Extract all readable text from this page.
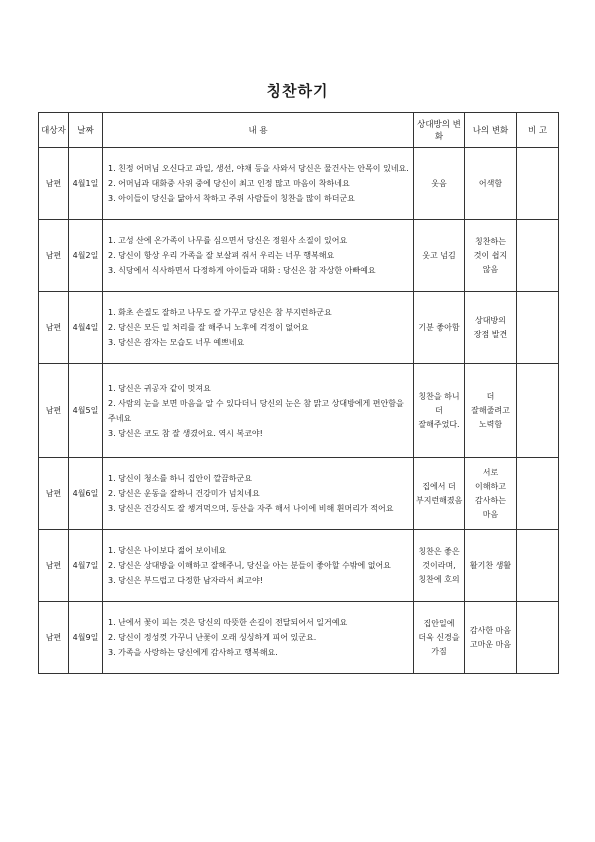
칭찬하기
대상자	날짜	내 용	상대방의 변화	나의 변화	비 고

남편	4월1일	1. 친정 어머님 오신다고 과일, 생선, 야채 등을 사와서 당신은 물건사는 안목이 있네요.
2. 어머님과 대화중 사위 중에 당신이 최고 인정 많고 마음이 착하네요
3. 아이들이 당신을 닮아서 착하고 주위 사람들이 칭찬을 많이 하더군요	웃음	어색함	

남편	4월2일	1. 고성 산에 온가족이 나무를 심으면서 당신은 정원사 소질이 있어요
2. 당신이 항상 우리 가족을 잘 보살펴 줘서 우리는 너무 행복해요
3. 식당에서 식사하면서 다정하게 아이들과 대화 : 당신은 참 자상한 아빠예요	웃고 넘김	칭찬하는 것이 쉽지 않음	

남편	4월4일	1. 화초 손질도 잘하고 나무도 잘 가꾸고 당신은 참 부지런하군요
2. 당신은 모든 일 처리를 잘 해주니 노후에 걱정이 없어요
3. 당신은 잠자는 모습도 너무 예쁘네요	기분 좋아함	상대방의 장점 발견	

남편	4월5일	1. 당신은 귀공자 같이 멋져요
2. 사람의 눈을 보면 마음을 알 수 있다더니 당신의 눈은 참 맑고 상대방에게 편안함을 주네요
3. 당신은 코도 참 잘 생겼어요. 역시 복코야!	칭찬을 하니 더 잘해주었다.	더 잘해줄려고 노력함	

남편	4월6일	1. 당신이 청소를 하니 집안이 깔끔하군요
2. 당신은 운동을 잘하니 건강미가 넘치네요
3. 당신은 건강식도 잘 챙겨먹으며, 등산을 자주 해서 나이에 비해 흰머리가 적어요	집에서 더 부지런해졌음	서로 이해하고 감사하는 마음	

남편	4월7일	1. 당신은 나이보다 젊어 보이네요
2. 당신은 상대방을 이해하고 잘해주니, 당신을 아는 분들이 좋아할 수밖에 없어요
3. 당신은 부드럽고 다정한 남자라서 최고야!	칭찬은 좋은 것이라며, 칭찬에 호의	활기찬 생활	

남편	4월9일	1. 난에서 꽃이 피는 것은 당신의 따뜻한 손길이 전달되어서 일거예요
2. 당신이 정성껏 가꾸니 난꽃이 오래 싱싱하게 피어 있군요.
3. 가족을 사랑하는 당신에게 감사하고 행복해요.	집안일에 더욱 신경을 가짐	감사한 마음 고마운 마음	
